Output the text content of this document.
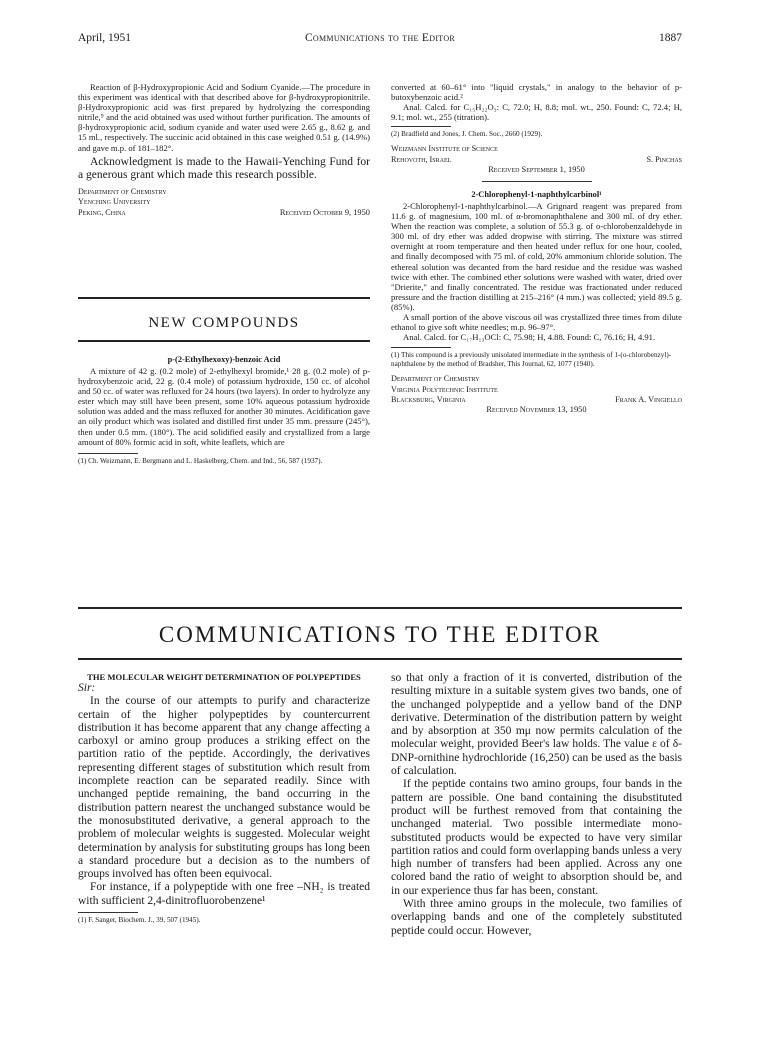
April, 1951	Communications to the Editor	1887

Reaction of β-Hydroxypropionic Acid and Sodium Cyanide.—The procedure in this experiment was identical with that described above for β-hydroxypropionitrile. β-Hydroxypropionic acid was first prepared by hydrolyzing the corresponding nitrile,⁹ and the acid obtained was used without further purification. The amounts of β-hydroxypropionic acid, sodium cyanide and water used were 2.65 g., 8.62 g. and 15 ml., respectively. The succinic acid obtained in this case weighed 0.51 g. (14.9%) and gave m.p. of 181–182°.

Acknowledgment is made to the Hawaii-Yenching Fund for a generous grant which made this research possible.

Department of Chemistry
Yenching University
Peking, China	Received October 9, 1950
NEW COMPOUNDS
p-(2-Ethylhexoxy)-benzoic Acid

A mixture of 42 g. (0.2 mole) of 2-ethylhexyl bromide,¹ 28 g. (0.2 mole) of p-hydroxybenzoic acid, 22 g. (0.4 mole) of potassium hydroxide, 150 cc. of alcohol and 50 cc. of water was refluxed for 24 hours (two layers). In order to hydrolyze any ester which may still have been present, some 10% aqueous potassium hydroxide solution was added and the mass refluxed for another 30 minutes. Acidification gave an oily product which was isolated and distilled first under 35 mm. pressure (245°), then under 0.5 mm. (180°). The acid solidified easily and crystallized from a large amount of 80% formic acid in soft, white leaflets, which are

(1) Ch. Weizmann, E. Bergmann and L. Haskelberg, Chem. and Ind., 56, 587 (1937).

converted at 60–61° into "liquid crystals," in analogy to the behavior of p-butoxybenzoic acid.²

Anal. Calcd. for C₁₅H₂₂O₃: C, 72.0; H, 8.8; mol. wt., 250. Found: C, 72.4; H, 9.1; mol. wt., 255 (titration).

(2) Bradfield and Jones, J. Chem. Soc., 2660 (1929).

Weizmann Institute of Science
Rehovoth, Israel	S. Pinchas
Received September 1, 1950
2-Chlorophenyl-1-naphthylcarbinol¹

2-Chlorophenyl-1-naphthylcarbinol.—A Grignard reagent was prepared from 11.6 g. of magnesium, 100 ml. of α-bromonaphthalene and 300 ml. of dry ether. When the reaction was complete, a solution of 55.3 g. of o-chlorobenzaldehyde in 300 ml. of dry ether was added dropwise with stirring. The mixture was stirred overnight at room temperature and then heated under reflux for one hour, cooled, and finally decomposed with 75 ml. of cold, 20% ammonium chloride solution. The ethereal solution was decanted from the hard residue and the residue was washed twice with ether. The combined ether solutions were washed with water, dried over "Drierite," and finally concentrated. The residue was fractionated under reduced pressure and the fraction distilling at 215–216° (4 mm.) was collected; yield 89.5 g. (85%).

A small portion of the above viscous oil was crystallized three times from dilute ethanol to give soft white needles; m.p. 96–97°.

Anal. Calcd. for C₁₇H₁₃OCl: C, 75.98; H, 4.88. Found: C, 76.16; H, 4.91.

(1) This compound is a previously unisolated intermediate in the synthesis of 1-(o-chlorobenzyl)-naphthalene by the method of Bradsher, This Journal, 62, 1077 (1940).

Department of Chemistry
Virginia Polytechnic Institute
Blacksburg, Virginia	Frank A. Vingiello
Received November 13, 1950
COMMUNICATIONS TO THE EDITOR
THE MOLECULAR WEIGHT DETERMINATION OF POLYPEPTIDES
Sir:

In the course of our attempts to purify and characterize certain of the higher polypeptides by countercurrent distribution it has become apparent that any change affecting a carboxyl or amino group produces a striking effect on the partition ratio of the peptide. Accordingly, the derivatives representing different stages of substitution which result from incomplete reaction can be separated readily. Since with unchanged peptide remaining, the band occurring in the distribution pattern nearest the unchanged substance would be the monosubstituted derivative, a general approach to the problem of molecular weights is suggested. Molecular weight determination by analysis for substituting groups has long been a standard procedure but a decision as to the numbers of groups involved has often been equivocal.

For instance, if a polypeptide with one free –NH₂ is treated with sufficient 2,4-dinitrofluorobenzene¹

(1) F. Sanger, Biochem. J., 39, 507 (1945).

so that only a fraction of it is converted, distribution of the resulting mixture in a suitable system gives two bands, one of the unchanged polypeptide and a yellow band of the DNP derivative. Determination of the distribution pattern by weight and by absorption at 350 mμ now permits calculation of the molecular weight, provided Beer's law holds. The value ε of δ-DNP-ornithine hydrochloride (16,250) can be used as the basis of calculation.

If the peptide contains two amino groups, four bands in the pattern are possible. One band containing the disubstituted product will be furthest removed from that containing the unchanged material. Two possible intermediate mono-substituted products would be expected to have very similar partition ratios and could form overlapping bands unless a very high number of transfers had been applied. Across any one colored band the ratio of weight to absorption should be, and in our experience thus far has been, constant.

With three amino groups in the molecule, two families of overlapping bands and one of the completely substituted peptide could occur. However,
